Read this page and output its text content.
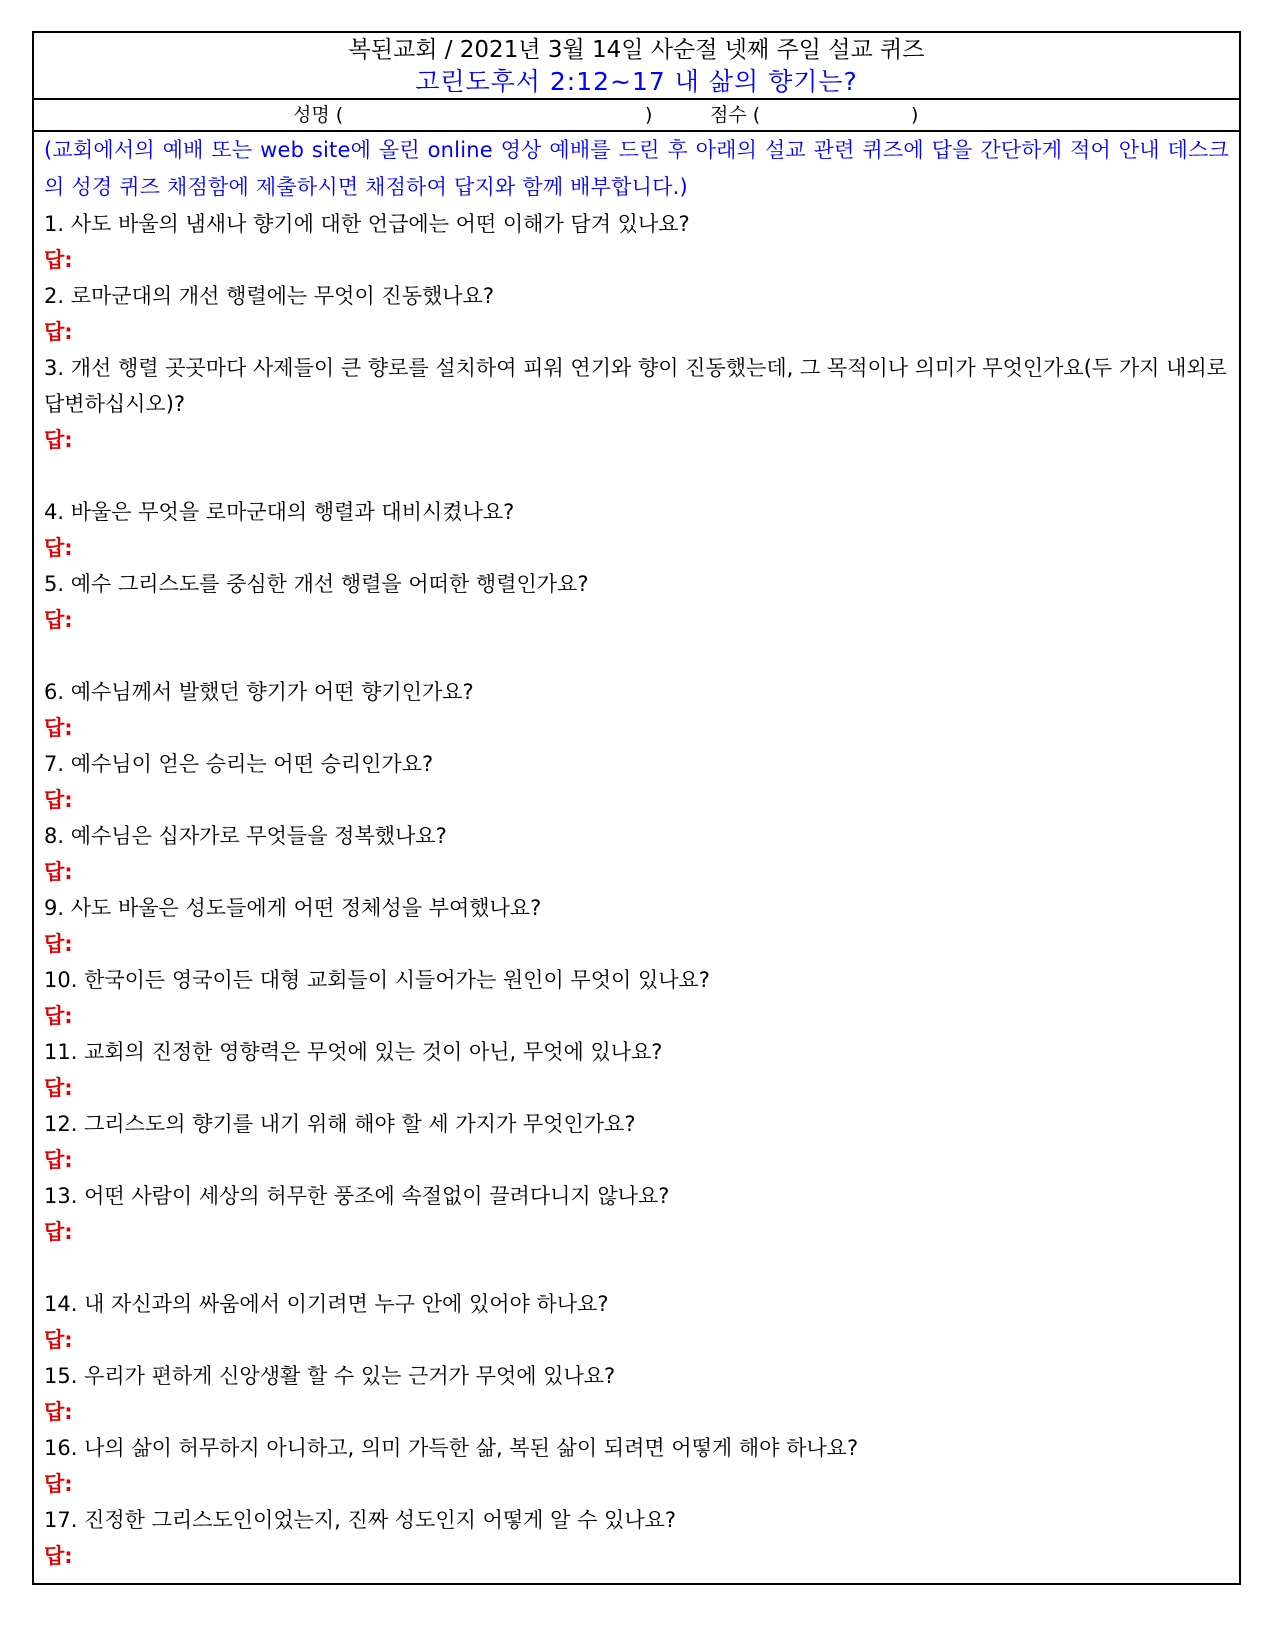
복된교회 / 2021년 3월 14일 사순절 넷째 주일 설교 퀴즈
고린도후서 2:12~17 내 삶의 향기는?
성명 (	)	점수 (	)
(교회에서의 예배 또는 web site에 올린 online 영상 예배를 드린 후 아래의 설교 관련 퀴즈에 답을 간단하게 적어 안내 데스크의 성경 퀴즈 채점함에 제출하시면 채점하여 답지와 함께 배부합니다.)
1. 사도 바울의 냄새나 향기에 대한 언급에는 어떤 이해가 담겨 있나요?
답:
2. 로마군대의 개선 행렬에는 무엇이 진동했나요?
답:
3. 개선 행렬 곳곳마다 사제들이 큰 향로를 설치하여 피워 연기와 향이 진동했는데, 그 목적이나 의미가 무엇인가요(두 가지 내외로 답변하십시오)?
답:
4. 바울은 무엇을 로마군대의 행렬과 대비시켰나요?
답:
5. 예수 그리스도를 중심한 개선 행렬을 어떠한 행렬인가요?
답:
6. 예수님께서 발했던 향기가 어떤 향기인가요?
답:
7. 예수님이 얻은 승리는 어떤 승리인가요?
답:
8. 예수님은 십자가로 무엇들을 정복했나요?
답:
9. 사도 바울은 성도들에게 어떤 정체성을 부여했나요?
답:
10. 한국이든 영국이든 대형 교회들이 시들어가는 원인이 무엇이 있나요?
답:
11. 교회의 진정한 영향력은 무엇에 있는 것이 아닌, 무엇에 있나요?
답:
12. 그리스도의 향기를 내기 위해 해야 할 세 가지가 무엇인가요?
답:
13. 어떤 사람이 세상의 허무한 풍조에 속절없이 끌려다니지 않나요?
답:
14. 내 자신과의 싸움에서 이기려면 누구 안에 있어야 하나요?
답:
15. 우리가 편하게 신앙생활 할 수 있는 근거가 무엇에 있나요?
답:
16. 나의 삶이 허무하지 아니하고, 의미 가득한 삶, 복된 삶이 되려면 어떻게 해야 하나요?
답:
17. 진정한 그리스도인이었는지, 진짜 성도인지 어떻게 알 수 있나요?
답:
